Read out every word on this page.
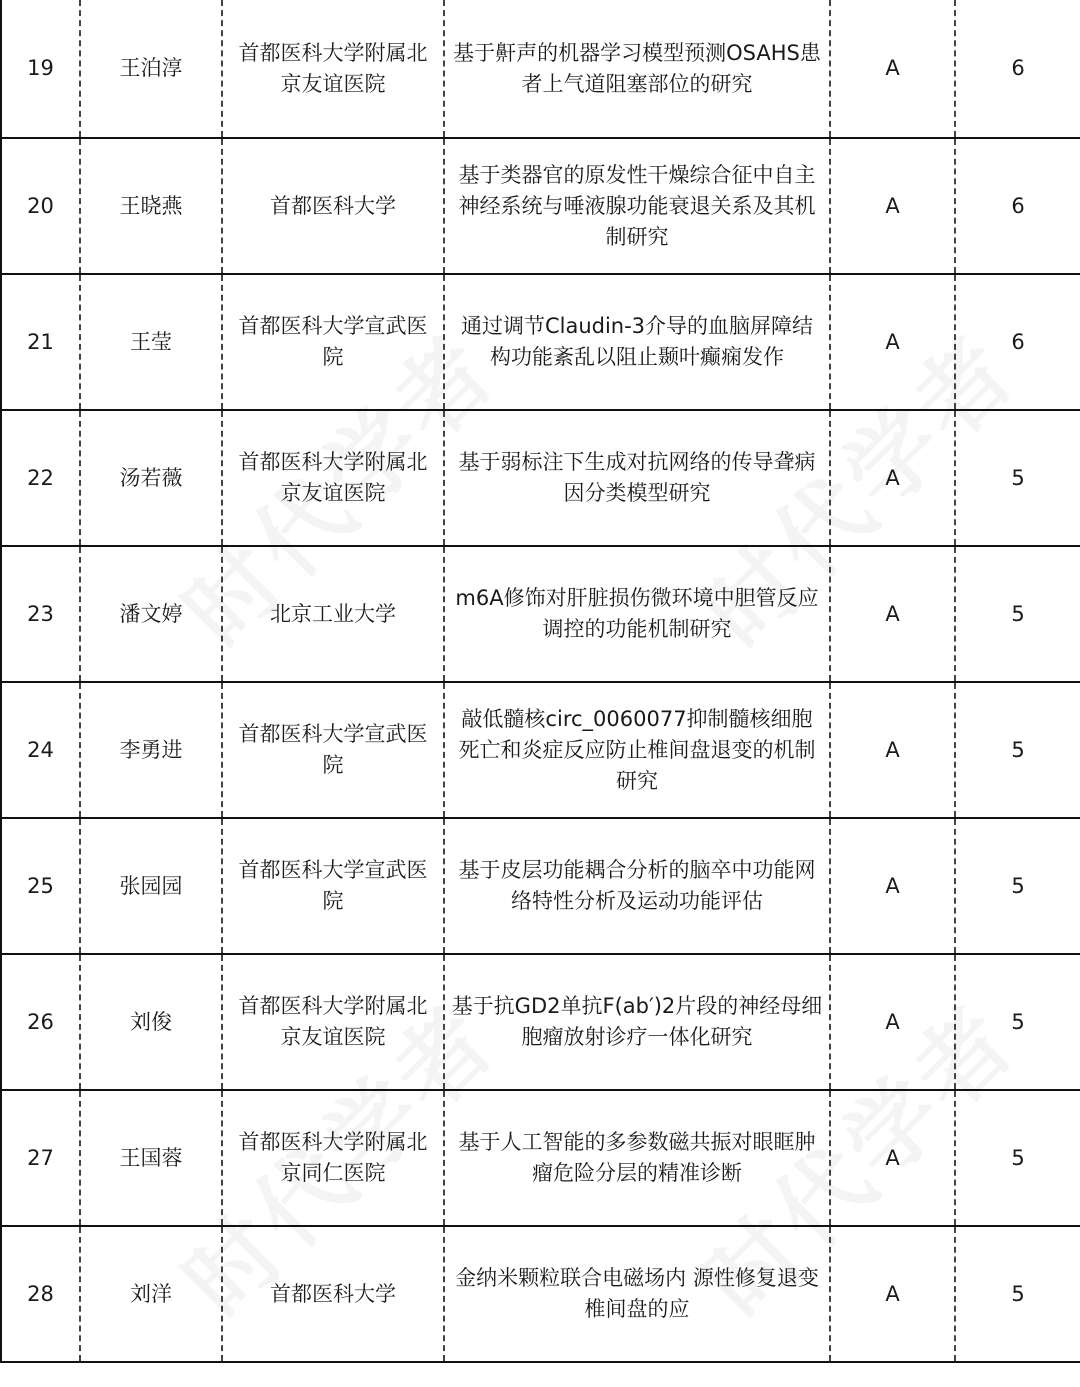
19	王泊淳	首都医科大学附属北京友谊医院	基于鼾声的机器学习模型预测OSAHS患者上气道阻塞部位的研究	A	6
20	王晓燕	首都医科大学	基于类器官的原发性干燥综合征中自主神经系统与唾液腺功能衰退关系及其机制研究	A	6
21	王莹	首都医科大学宣武医院	通过调节Claudin-3介导的血脑屏障结构功能紊乱以阻止颞叶癫痫发作	A	6
22	汤若薇	首都医科大学附属北京友谊医院	基于弱标注下生成对抗网络的传导聋病因分类模型研究	A	5
23	潘文婷	北京工业大学	m6A修饰对肝脏损伤微环境中胆管反应调控的功能机制研究	A	5
24	李勇进	首都医科大学宣武医院	敲低髓核circ_0060077抑制髓核细胞死亡和炎症反应防止椎间盘退变的机制研究	A	5
25	张园园	首都医科大学宣武医院	基于皮层功能耦合分析的脑卒中功能网络特性分析及运动功能评估	A	5
26	刘俊	首都医科大学附属北京友谊医院	基于抗GD2单抗F(ab′)2片段的神经母细胞瘤放射诊疗一体化研究	A	5
27	王国蓉	首都医科大学附属北京同仁医院	基于人工智能的多参数磁共振对眼眶肿瘤危险分层的精准诊断	A	5
28	刘洋	首都医科大学	金纳米颗粒联合电磁场内 源性修复退变椎间盘的应	A	5
